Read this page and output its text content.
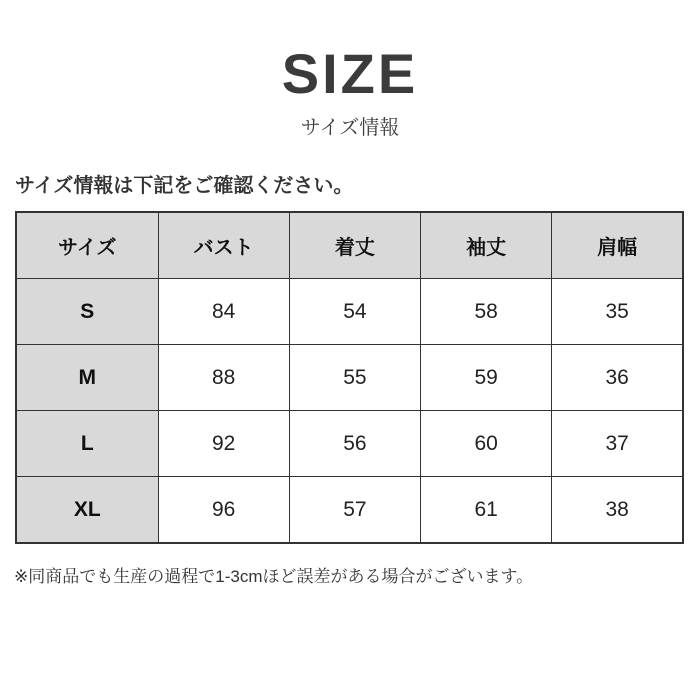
SIZE
サイズ情報
サイズ情報は下記をご確認ください。
サイズ	バスト	着丈	袖丈	肩幅
S	84	54	58	35
M	88	55	59	36
L	92	56	60	37
XL	96	57	61	38
※同商品でも生産の過程で1-3cmほど誤差がある場合がございます。
